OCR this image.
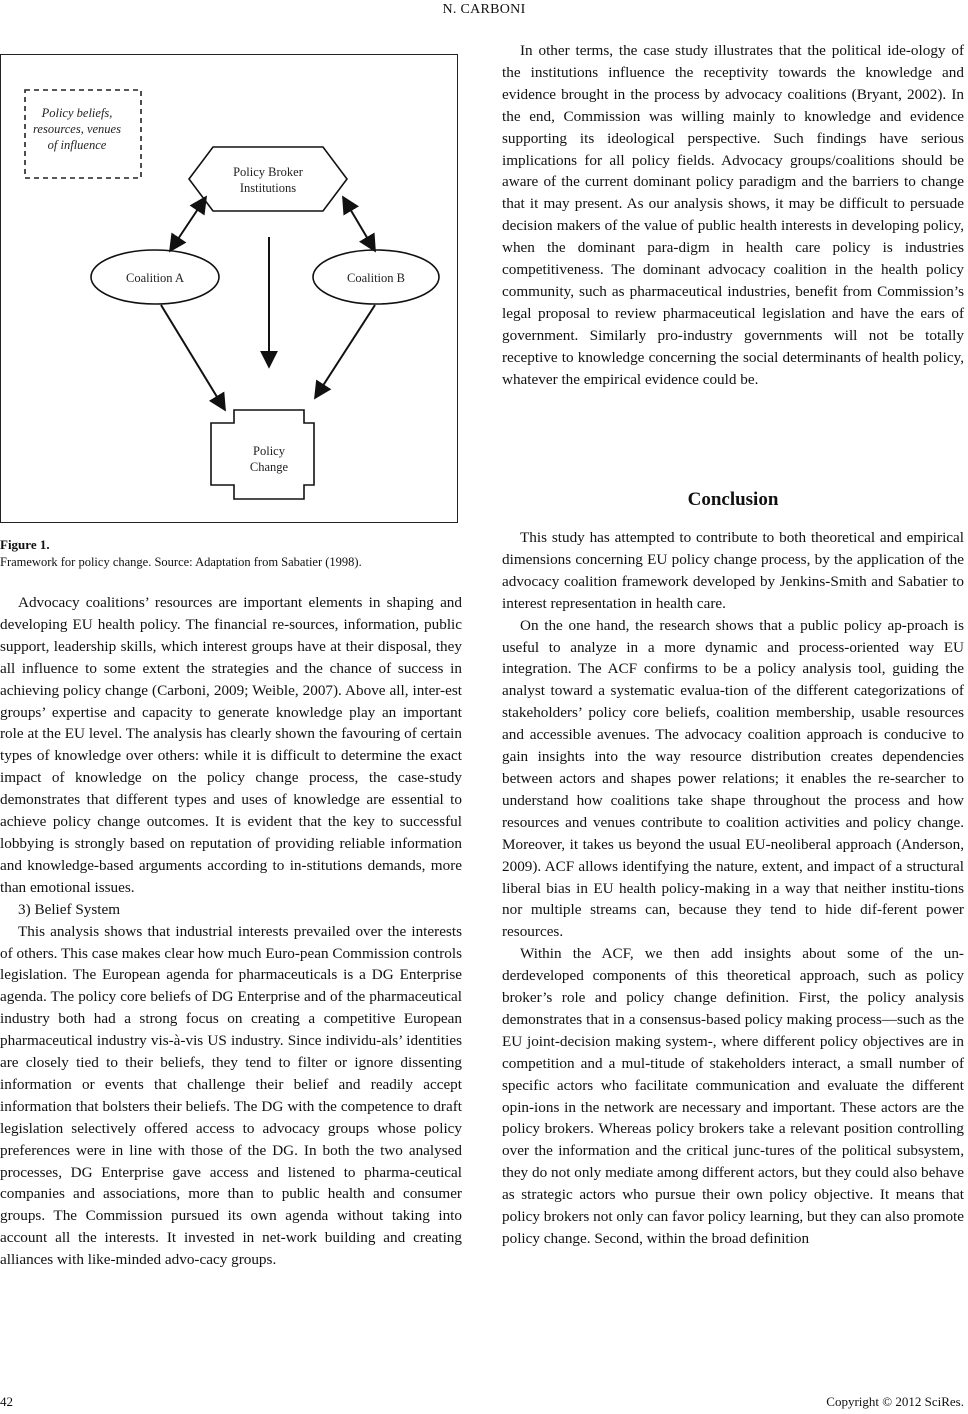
N. CARBONI
Policy beliefs,
resources, venues
of influence
Policy Broker
Institutions
Coalition A	Coalition B
Policy
Change
Figure 1.
Framework for policy change. Source: Adaptation from Sabatier (1998).

Advocacy coalitions’ resources are important elements in shaping and developing EU health policy. The financial re-sources, information, public support, leadership skills, which interest groups have at their disposal, they all influence to some extent the strategies and the chance of success in achieving policy change (Carboni, 2009; Weible, 2007). Above all, inter-est groups’ expertise and capacity to generate knowledge play an important role at the EU level. The analysis has clearly shown the favouring of certain types of knowledge over others: while it is difficult to determine the exact impact of knowledge on the policy change process, the case-study demonstrates that different types and uses of knowledge are essential to achieve policy change outcomes. It is evident that the key to successful lobbying is strongly based on reputation of providing reliable information and knowledge-based arguments according to in-stitutions demands, more than emotional issues.

3) Belief System

This analysis shows that industrial interests prevailed over the interests of others. This case makes clear how much Euro-pean Commission controls legislation. The European agenda for pharmaceuticals is a DG Enterprise agenda. The policy core beliefs of DG Enterprise and of the pharmaceutical industry both had a strong focus on creating a competitive European pharmaceutical industry vis-à-vis US industry. Since individu-als’ identities are closely tied to their beliefs, they tend to filter or ignore dissenting information or events that challenge their belief and readily accept information that bolsters their beliefs. The DG with the competence to draft legislation selectively offered access to advocacy groups whose policy preferences were in line with those of the DG. In both the two analysed processes, DG Enterprise gave access and listened to pharma-ceutical companies and associations, more than to public health and consumer groups. The Commission pursued its own agenda without taking into account all the interests. It invested in net-work building and creating alliances with like-minded advo-cacy groups.

In other terms, the case study illustrates that the political ide-ology of the institutions influence the receptivity towards the knowledge and evidence brought in the process by advocacy coalitions (Bryant, 2002). In the end, Commission was willing mainly to knowledge and evidence supporting its ideological perspective. Such findings have serious implications for all policy fields. Advocacy groups/coalitions should be aware of the current dominant policy paradigm and the barriers to change that it may present. As our analysis shows, it may be difficult to persuade decision makers of the value of public health interests in developing policy, when the dominant para-digm in health care policy is industries competitiveness. The dominant advocacy coalition in the health policy community, such as pharmaceutical industries, benefit from Commission’s legal proposal to review pharmaceutical legislation and have the ears of government. Similarly pro-industry governments will not be totally receptive to knowledge concerning the social determinants of health policy, whatever the empirical evidence could be.

Conclusion

This study has attempted to contribute to both theoretical and empirical dimensions concerning EU policy change process, by the application of the advocacy coalition framework developed by Jenkins-Smith and Sabatier to interest representation in health care.

On the one hand, the research shows that a public policy ap-proach is useful to analyze in a more dynamic and process-oriented way EU integration. The ACF confirms to be a policy analysis tool, guiding the analyst toward a systematic evalua-tion of the different categorizations of stakeholders’ policy core beliefs, coalition membership, usable resources and accessible avenues. The advocacy coalition approach is conducive to gain insights into the way resource distribution creates dependencies between actors and shapes power relations; it enables the re-searcher to understand how coalitions take shape throughout the process and how resources and venues contribute to coalition activities and policy change. Moreover, it takes us beyond the usual EU-neoliberal approach (Anderson, 2009). ACF allows identifying the nature, extent, and impact of a structural liberal bias in EU health policy-making in a way that neither institu-tions nor multiple streams can, because they tend to hide dif-ferent power resources.

Within the ACF, we then add insights about some of the un-derdeveloped components of this theoretical approach, such as policy broker’s role and policy change definition. First, the policy analysis demonstrates that in a consensus-based policy making process—such as the EU joint-decision making system-, where different policy objectives are in competition and a mul-titude of stakeholders interact, a small number of specific actors who facilitate communication and evaluate the different opin-ions in the network are necessary and important. These actors are the policy brokers. Whereas policy brokers take a relevant position controlling over the information and the critical junc-tures of the political subsystem, they do not only mediate among different actors, but they could also behave as strategic actors who pursue their own policy objective. It means that policy brokers not only can favor policy learning, but they can also promote policy change. Second, within the broad definition

42	Copyright © 2012 SciRes.
